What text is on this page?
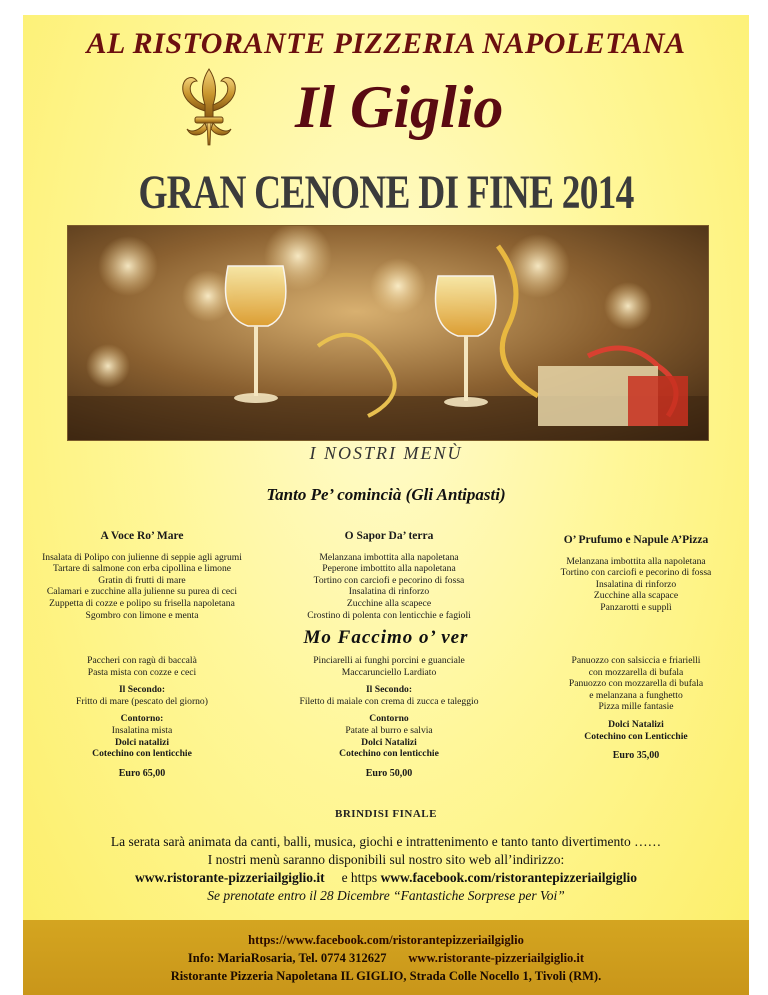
AL RISTORANTE PIZZERIA NAPOLETANA
Il Giglio
GRAN CENONE DI FINE 2014
I NOSTRI MENÙ
Tanto Pe’ comincià (Gli Antipasti)
A Voce Ro’ Mare
Insalata di Polipo con julienne di seppie agli agrumi
Tartare di salmone con erba cipollina e limone
Gratin di frutti di mare
Calamari e zucchine alla julienne su purea di ceci
Zuppetta di cozze e polipo su frisella napoletana
Sgombro con limone e menta
O Sapor Da’ terra
Melanzana imbottita alla napoletana
Peperone imbottito alla napoletana
Tortino con carciofi e pecorino di fossa
Insalatina di rinforzo
Zucchine alla scapece
Crostino di polenta con lenticchie e fagioli
O’ Prufumo e Napule A’Pizza
Melanzana imbottita alla napoletana
Tortino con carciofi e pecorino di fossa
Insalatina di rinforzo
Zucchine alla scapace
Panzarotti e supplì
Mo Faccimo o’ ver
Paccheri con ragù di baccalà
Pasta mista con cozze e ceci
Il Secondo:
Fritto di mare (pescato del giorno)
Contorno:
Insalatina mista
Dolci natalizi
Cotechino con lenticchie
Euro 65,00
Pinciarelli ai funghi porcini e guanciale
Maccarunciello Lardiato
Il Secondo:
Filetto di maiale con crema di zucca e taleggio
Contorno
Patate al burro e salvia
Dolci Natalizi
Cotechino con lenticchie
Euro 50,00
Panuozzo con salsiccia e friarielli
con mozzarella di bufala
Panuozzo con mozzarella di bufala
e melanzana a funghetto
Pizza mille fantasie
Dolci Natalizi
Cotechino con Lenticchie
Euro 35,00
BRINDISI FINALE
La serata sarà animata da canti, balli, musica, giochi e intrattenimento e tanto tanto divertimento ……
I nostri menù saranno disponibili sul nostro sito web all’indirizzo:
www.ristorante-pizzeriailgiglio.it e https www.facebook.com/ristorantepizzeriailgiglio
Se prenotate entro il 28 Dicembre “Fantastiche Sorprese per Voi”
https://www.facebook.com/ristorantepizzeriailgiglio
Info: MariaRosaria, Tel. 0774 312627 www.ristorante-pizzeriailgiglio.it
Ristorante Pizzeria Napoletana IL GIGLIO, Strada Colle Nocello 1, Tivoli (RM).
